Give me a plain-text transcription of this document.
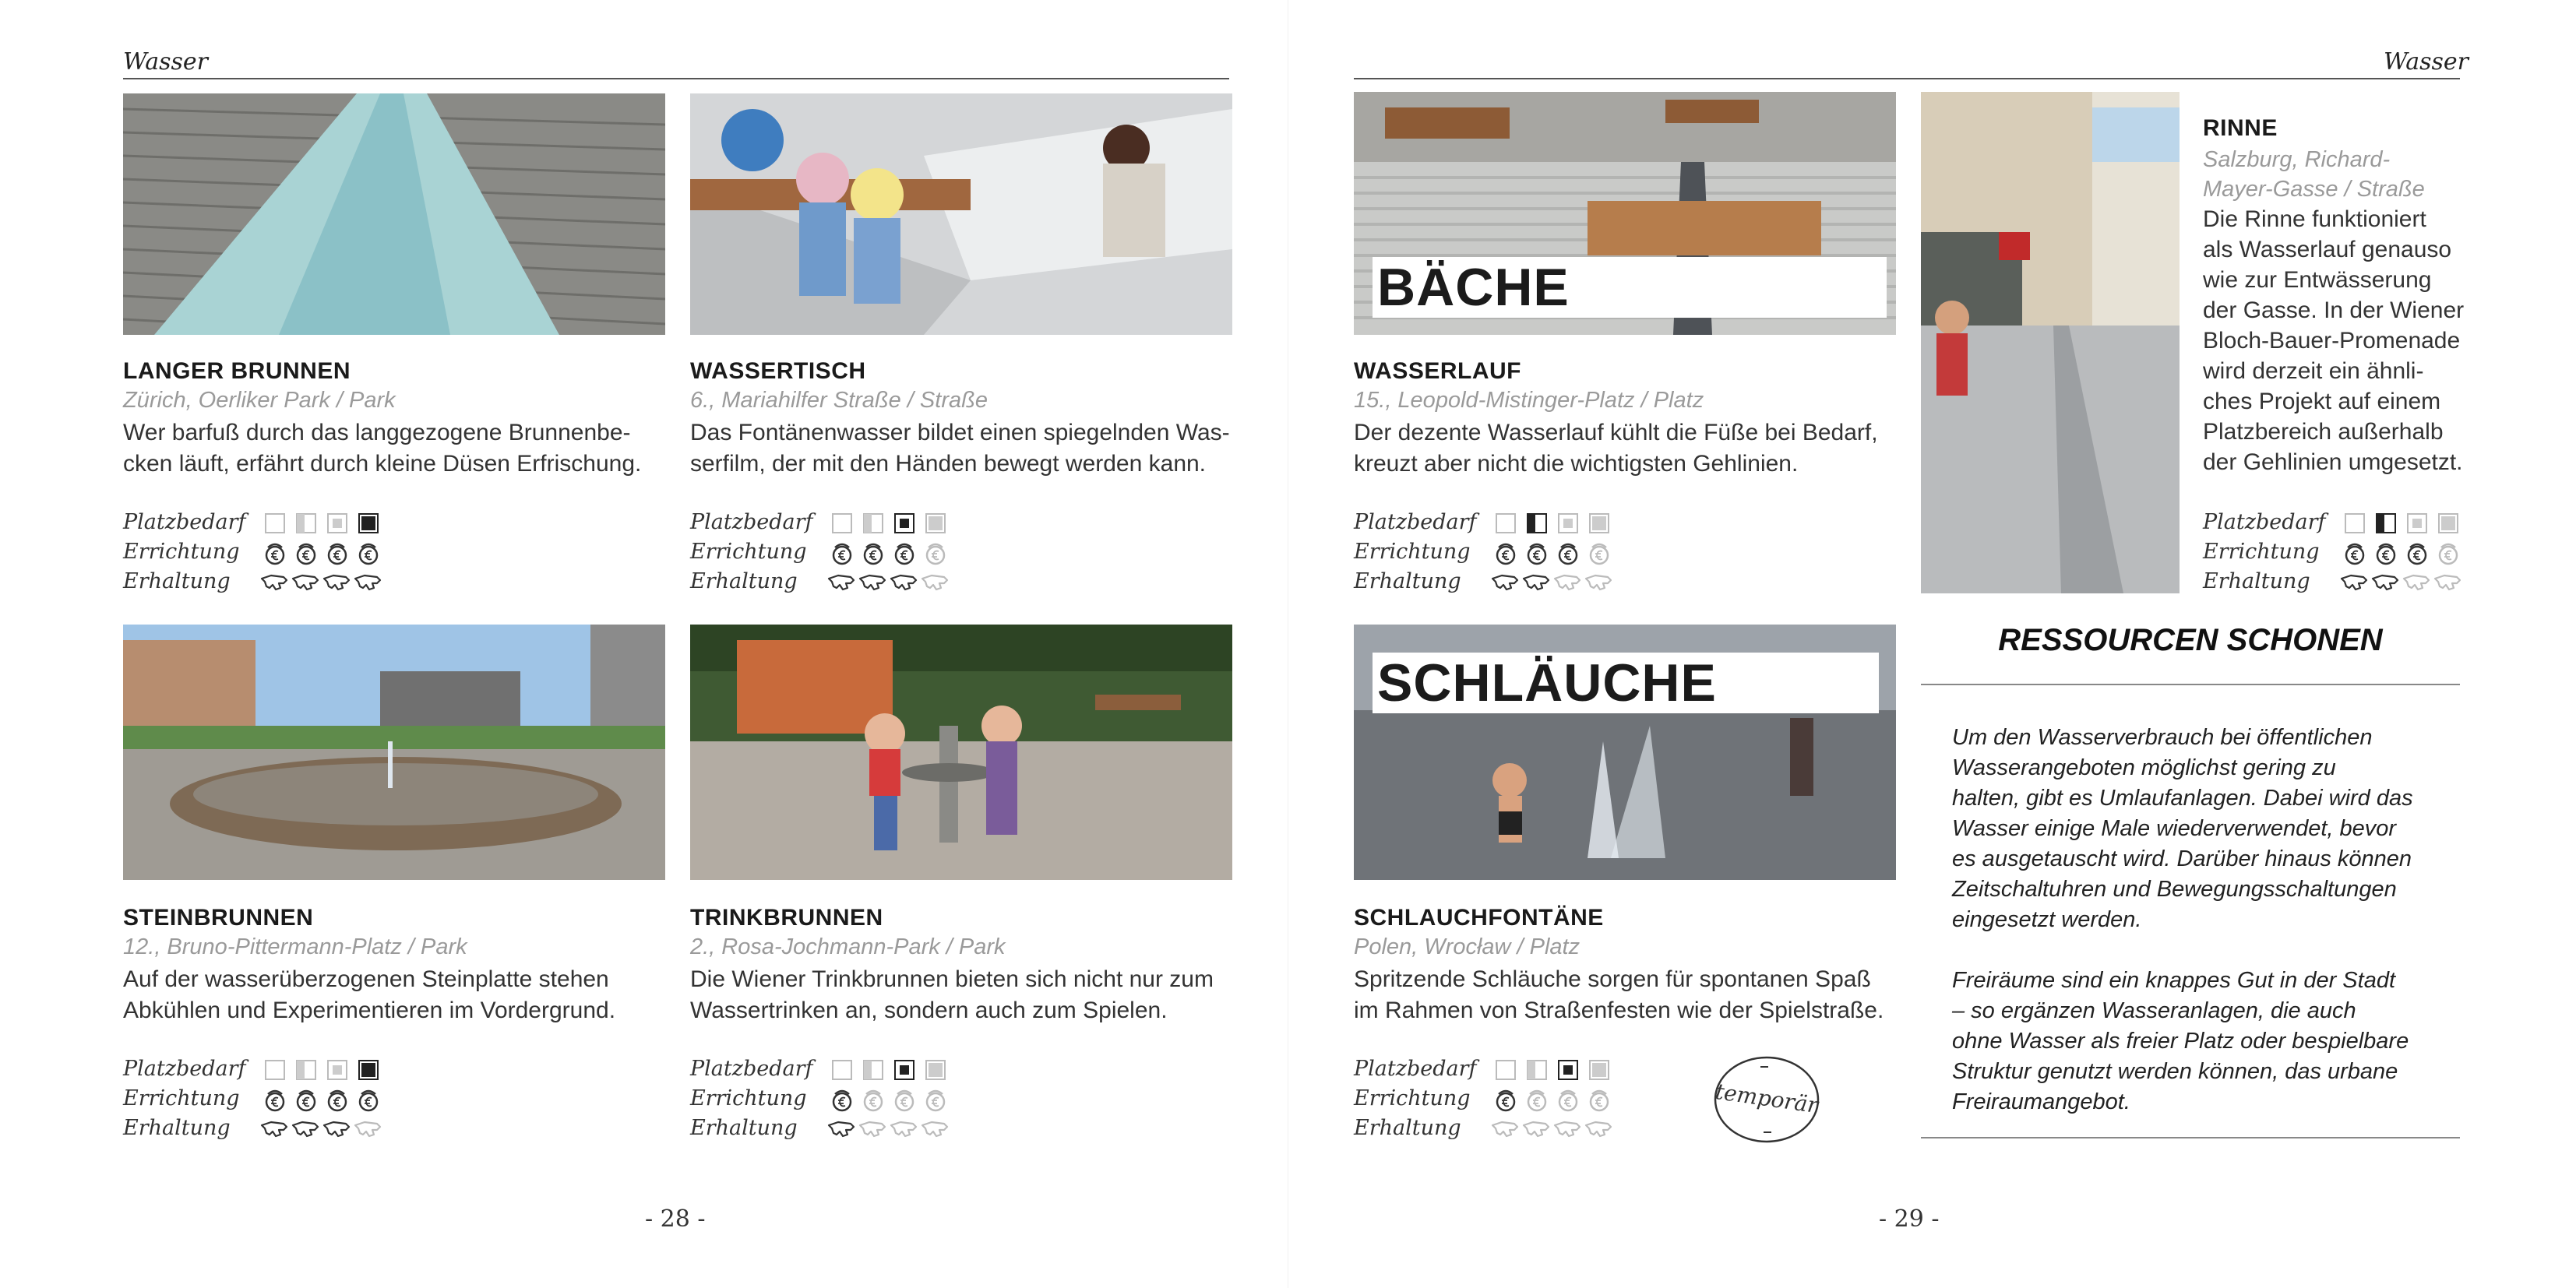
Wasser	Wasser
LANGER BRUNNEN
Zürich, Oerliker Park / Park
Wer barfuß durch das langgezogene Brunnenbe-
cken läuft, erfährt durch kleine Düsen Erfrischung.
Platzbedarf
Errichtung
Erhaltung
WASSERTISCH
6., Mariahilfer Straße / Straße
Das Fontänenwasser bildet einen spiegelnden Was-
serfilm, der mit den Händen bewegt werden kann.
Platzbedarf
Errichtung
Erhaltung
STEINBRUNNEN
12., Bruno-Pittermann-Platz / Park
Auf der wasserüberzogenen Steinplatte stehen
Abkühlen und Experimentieren im Vordergrund.
Platzbedarf
Errichtung
Erhaltung
TRINKBRUNNEN
2., Rosa-Jochmann-Park / Park
Die Wiener Trinkbrunnen bieten sich nicht nur zum
Wassertrinken an, sondern auch zum Spielen.
Platzbedarf
Errichtung
Erhaltung
- 28 -
BÄCHE
WASSERLAUF
15., Leopold-Mistinger-Platz / Platz
Der dezente Wasserlauf kühlt die Füße bei Bedarf,
kreuzt aber nicht die wichtigsten Gehlinien.
Platzbedarf
Errichtung
Erhaltung
SCHLÄUCHE
SCHLAUCHFONTÄNE
Polen, Wrocław / Platz
Spritzende Schläuche sorgen für spontanen Spaß
im Rahmen von Straßenfesten wie der Spielstraße.
Platzbedarf
Errichtung
Erhaltung
temporär
RINNE
Salzburg, Richard-
Mayer-Gasse / Straße
Die Rinne funktioniert
als Wasserlauf genauso
wie zur Entwässerung
der Gasse. In der Wiener
Bloch-Bauer-Promenade
wird derzeit ein ähnli-
ches Projekt auf einem
Platzbereich außerhalb
der Gehlinien umgesetzt.
Platzbedarf
Errichtung
Erhaltung
RESSOURCEN SCHONEN
Um den Wasserverbrauch bei öffentlichen
Wasserangeboten möglichst gering zu
halten, gibt es Umlaufanlagen. Dabei wird das
Wasser einige Male wiederverwendet, bevor
es ausgetauscht wird. Darüber hinaus können
Zeitschaltuhren und Bewegungsschaltungen
eingesetzt werden.
Freiräume sind ein knappes Gut in der Stadt
– so ergänzen Wasseranlagen, die auch
ohne Wasser als freier Platz oder bespielbare
Struktur genutzt werden können, das urbane
Freiraumangebot.
- 29 -
